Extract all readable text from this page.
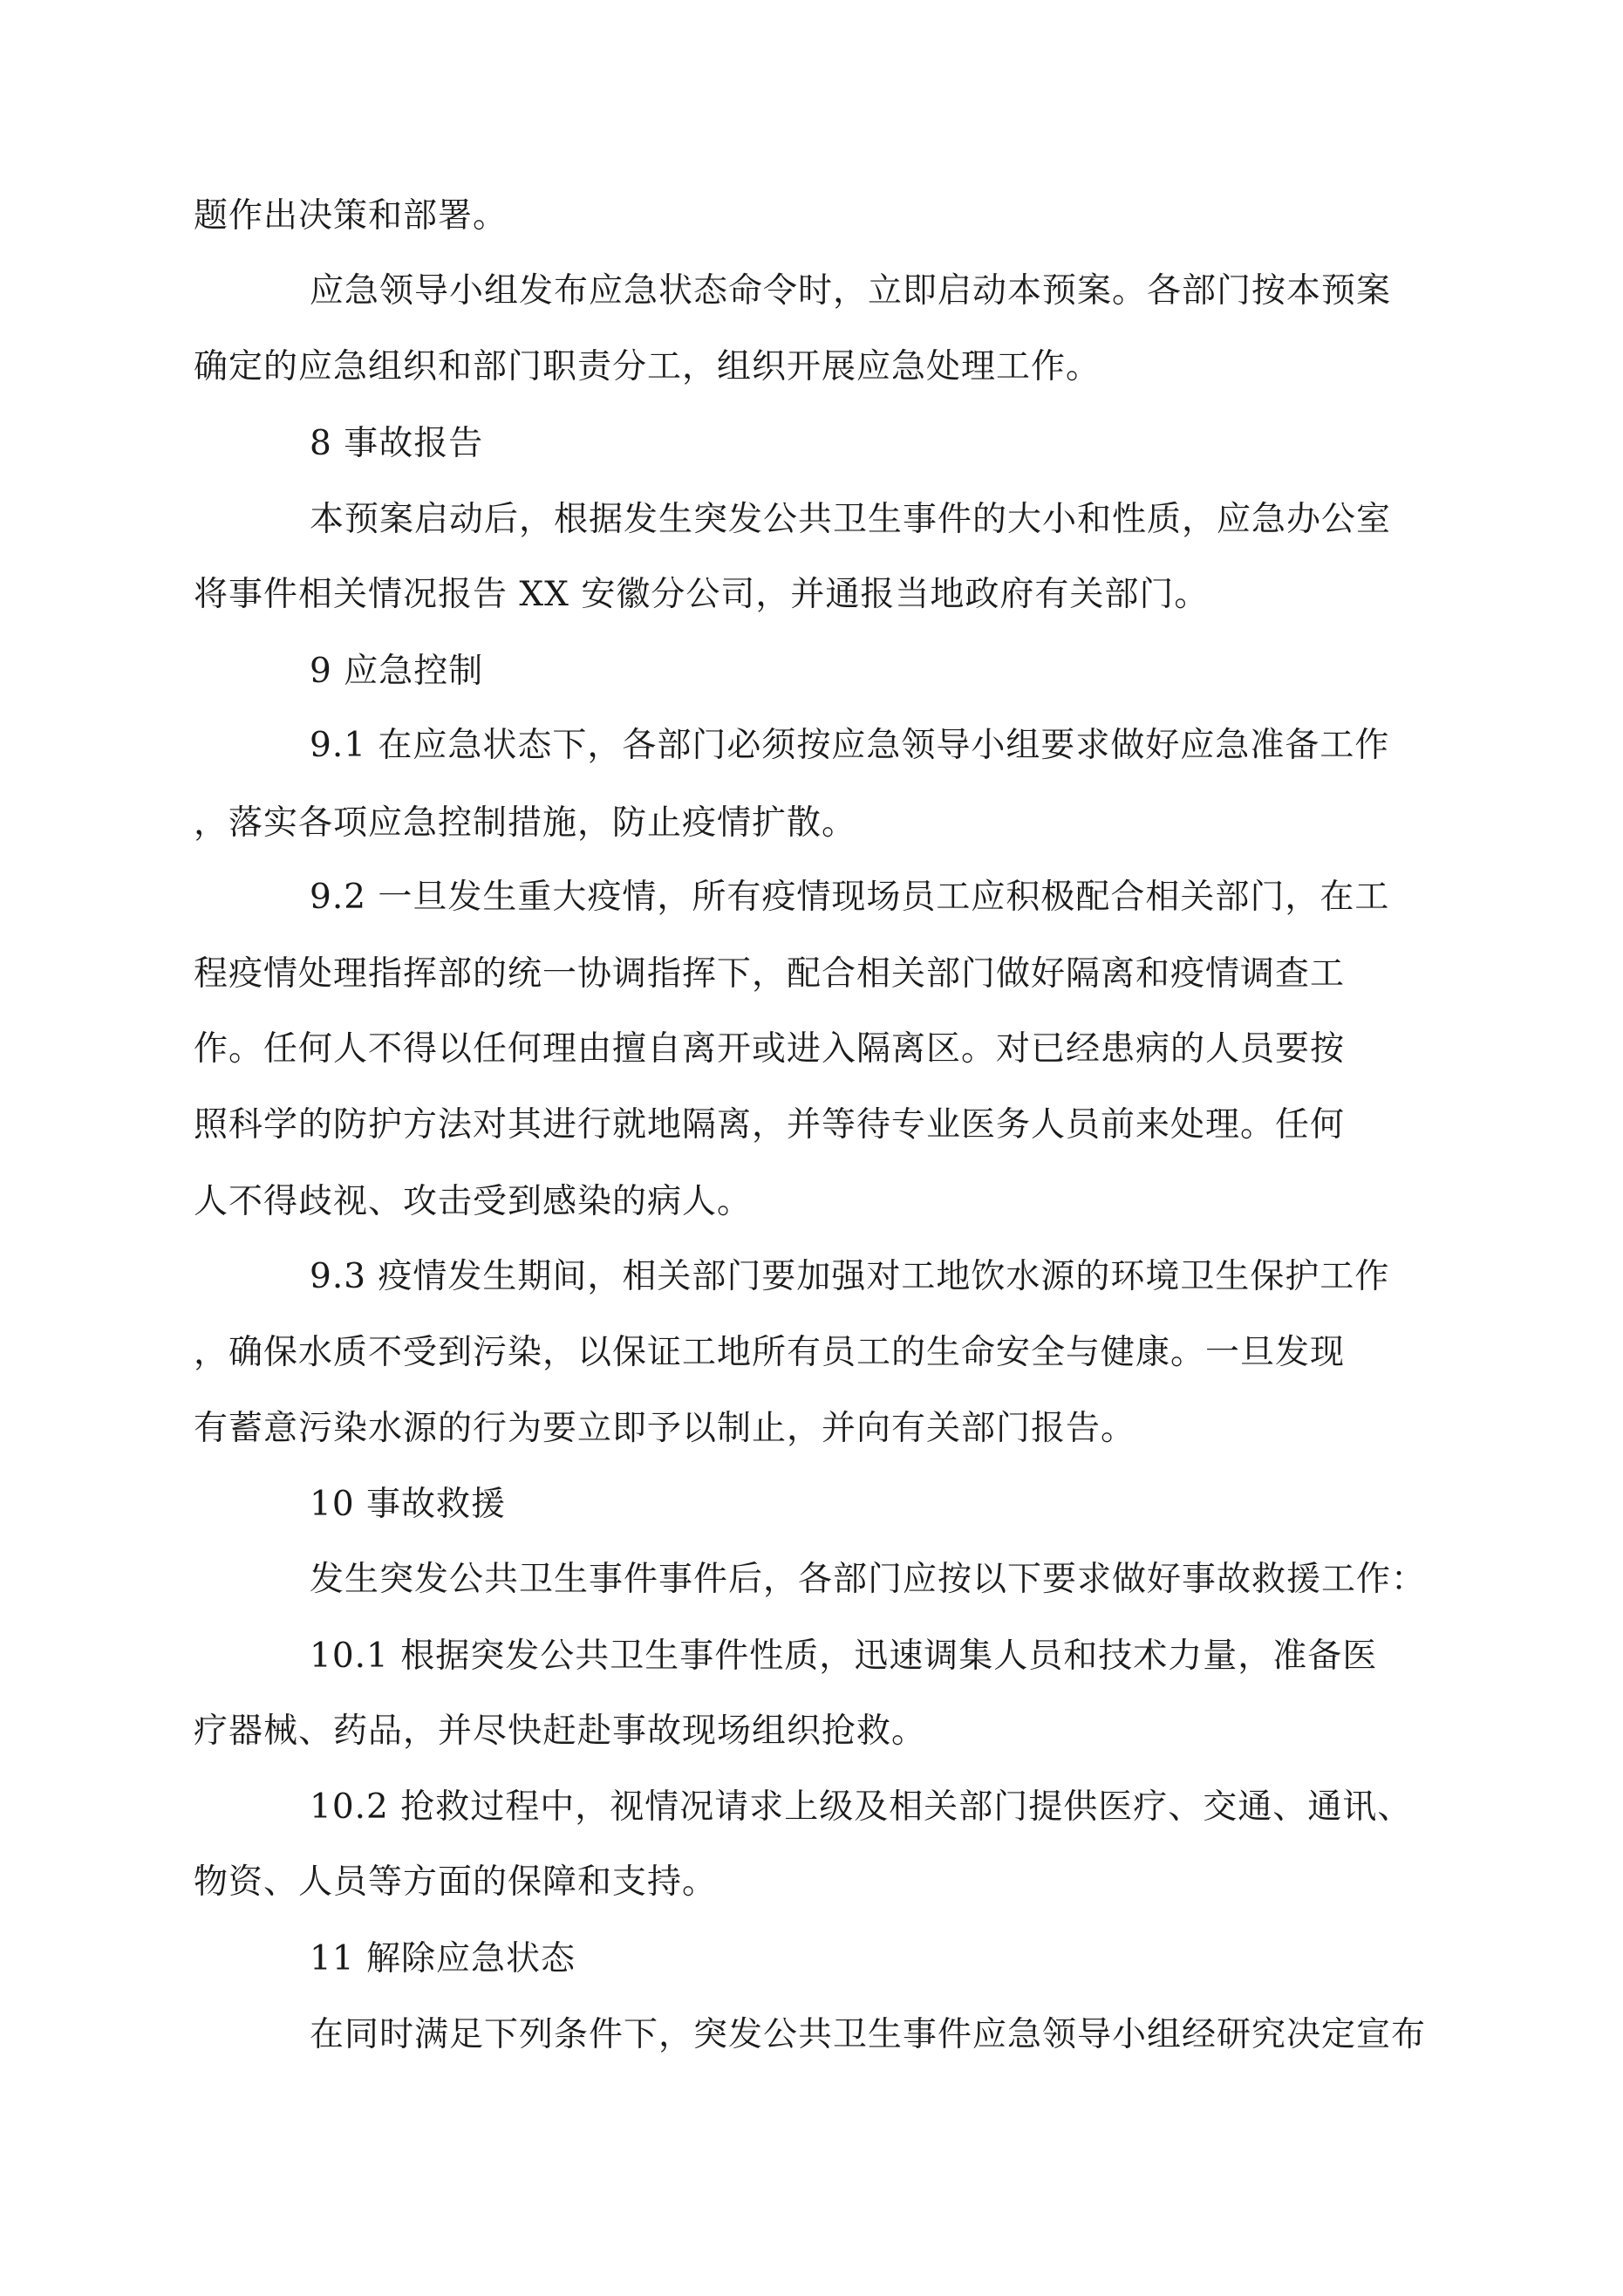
题作出决策和部署。
应急领导小组发布应急状态命令时，立即启动本预案。各部门按本预案
确定的应急组织和部门职责分工，组织开展应急处理工作。
8 事故报告
本预案启动后，根据发生突发公共卫生事件的大小和性质，应急办公室
将事件相关情况报告 XX 安徽分公司，并通报当地政府有关部门。
9 应急控制
9.1 在应急状态下，各部门必须按应急领导小组要求做好应急准备工作
，落实各项应急控制措施，防止疫情扩散。
9.2 一旦发生重大疫情，所有疫情现场员工应积极配合相关部门，在工
程疫情处理指挥部的统一协调指挥下，配合相关部门做好隔离和疫情调查工
作。任何人不得以任何理由擅自离开或进入隔离区。对已经患病的人员要按
照科学的防护方法对其进行就地隔离，并等待专业医务人员前来处理。任何
人不得歧视、攻击受到感染的病人。
9.3 疫情发生期间，相关部门要加强对工地饮水源的环境卫生保护工作
，确保水质不受到污染，以保证工地所有员工的生命安全与健康。一旦发现
有蓄意污染水源的行为要立即予以制止，并向有关部门报告。
10 事故救援
发生突发公共卫生事件事件后，各部门应按以下要求做好事故救援工作：
10.1 根据突发公共卫生事件性质，迅速调集人员和技术力量，准备医
疗器械、药品，并尽快赶赴事故现场组织抢救。
10.2 抢救过程中，视情况请求上级及相关部门提供医疗、交通、通讯、
物资、人员等方面的保障和支持。
11 解除应急状态
在同时满足下列条件下，突发公共卫生事件应急领导小组经研究决定宣布
